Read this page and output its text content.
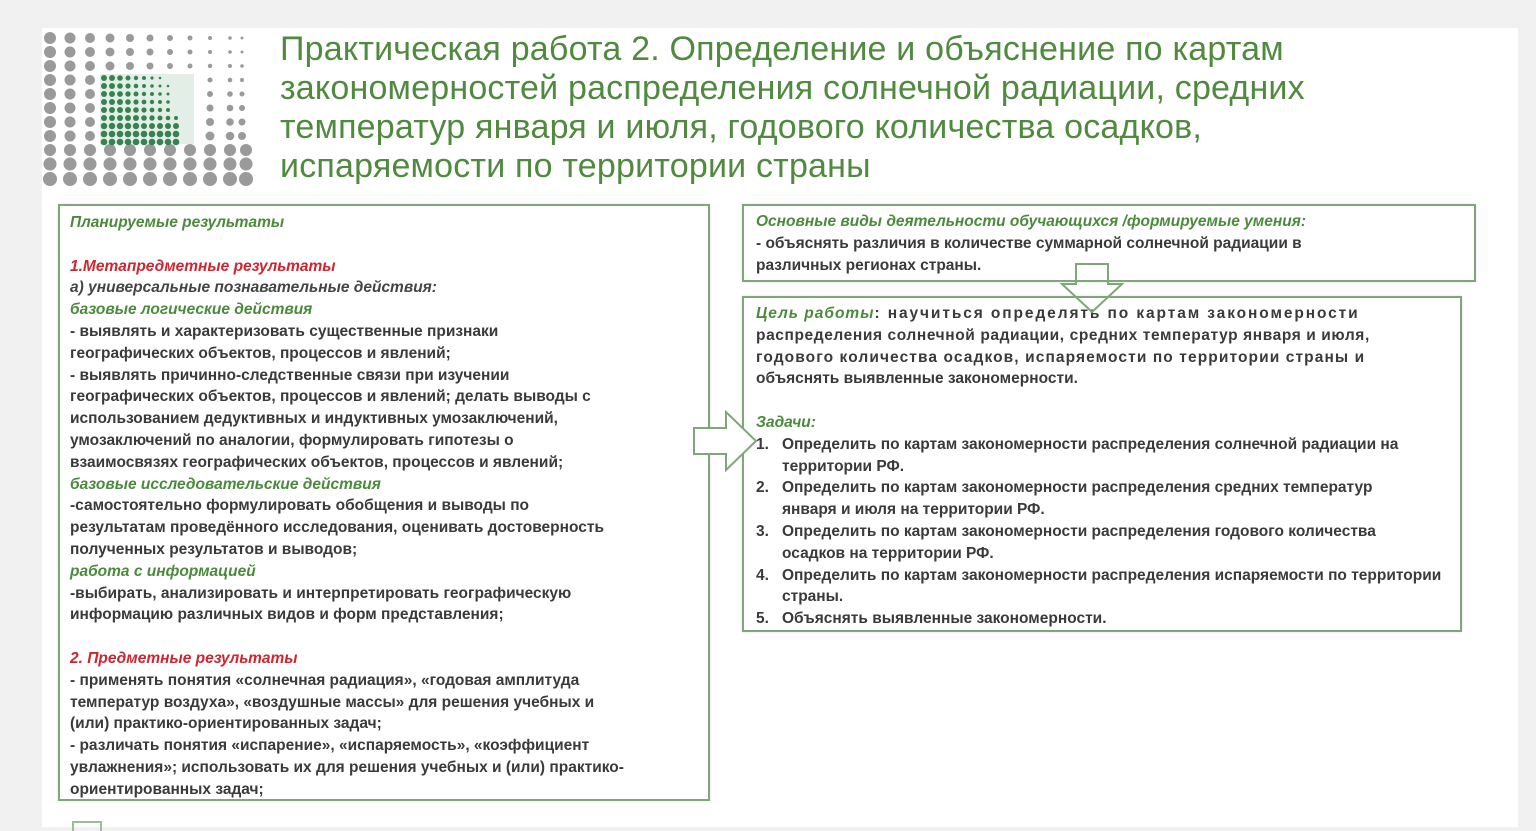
Практическая работа 2. Определение и объяснение по картам
закономерностей распределения солнечной радиации, средних
температур января и июля, годового количества осадков,
испаряемости по территории страны
Планируемые результаты
1.Метапредметные результаты
а) универсальные познавательные действия:
базовые логические действия
- выявлять и характеризовать существенные признаки
географических объектов, процессов и явлений;
- выявлять причинно-следственные связи при изучении
географических объектов, процессов и явлений; делать выводы с
использованием дедуктивных и индуктивных умозаключений,
умозаключений по аналогии, формулировать гипотезы о
взаимосвязях географических объектов, процессов и явлений;
базовые исследовательские действия
-самостоятельно формулировать обобщения и выводы по
результатам проведённого исследования, оценивать достоверность
полученных результатов и выводов;
работа с информацией
-выбирать, анализировать и интерпретировать географическую
информацию различных видов и форм представления;
2. Предметные результаты
- применять понятия «солнечная радиация», «годовая амплитуда
температур воздуха», «воздушные массы» для решения учебных и
(или) практико-ориентированных задач;
- различать понятия «испарение», «испаряемость», «коэффициент
увлажнения»; использовать их для решения учебных и (или) практико-
ориентированных задач;
Основные виды деятельности обучающихся /формируемые умения:
- объяснять различия в количестве суммарной солнечной радиации в
различных регионах страны.
Цель работы: научиться определять по картам закономерности
распределения солнечной радиации, средних температур января и июля,
годового количества осадков, испаряемости по территории страны и
объяснять выявленные закономерности.
Задачи:
1. Определить по картам закономерности распределения солнечной радиации на территории РФ.
2. Определить по картам закономерности распределения средних температур января и июля на территории РФ.
3. Определить по картам закономерности распределения годового количества осадков на территории РФ.
4. Определить по картам закономерности распределения испаряемости по территории страны.
5. Объяснять выявленные закономерности.
